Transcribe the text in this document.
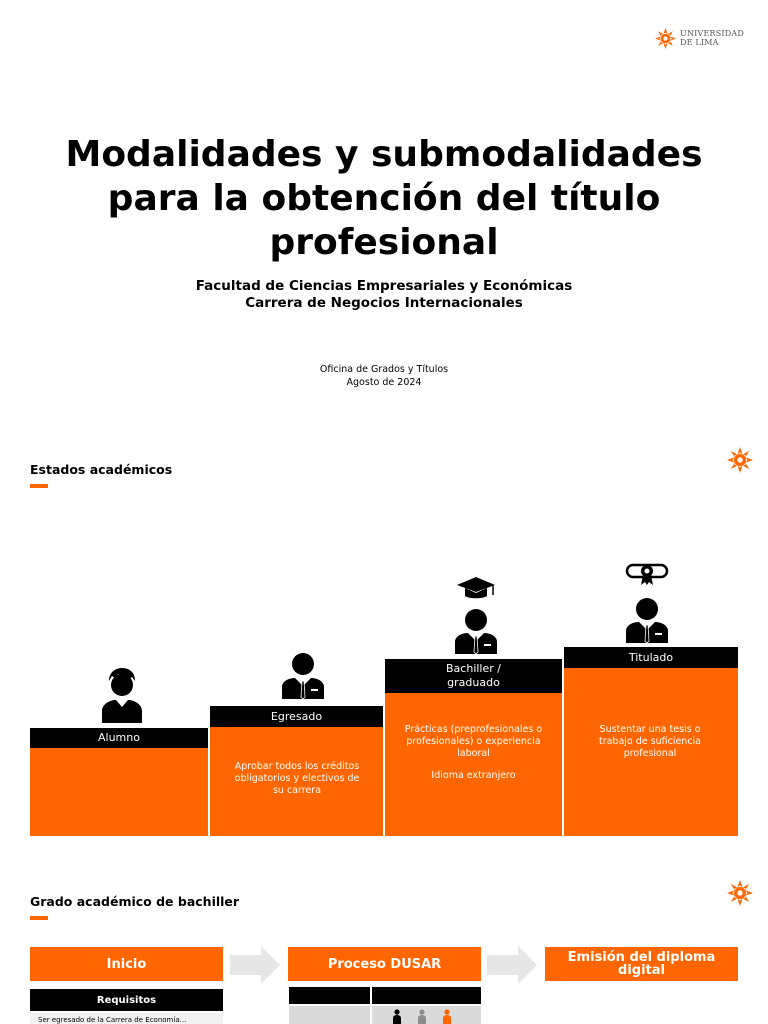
UNIVERSIDAD
DE LIMA
Modalidades y submodalidades para la obtención del título profesional
Facultad de Ciencias Empresariales y Económicas
Carrera de Negocios Internacionales
Oficina de Grados y Títulos
Agosto de 2024
Estados académicos
Alumno
Egresado
Bachiller / graduado
Titulado
Aprobar todos los créditos obligatorios y electivos de su carrera
Prácticas (preprofesionales o profesionales) o experiencia laboral
Idioma extranjero
Sustentar una tesis o trabajo de suficiencia profesional
Grado académico de bachiller
Inicio	Proceso DUSAR	Emisión del diploma digital
Requisitos
Ser egresado de la Carrera de Economía...
